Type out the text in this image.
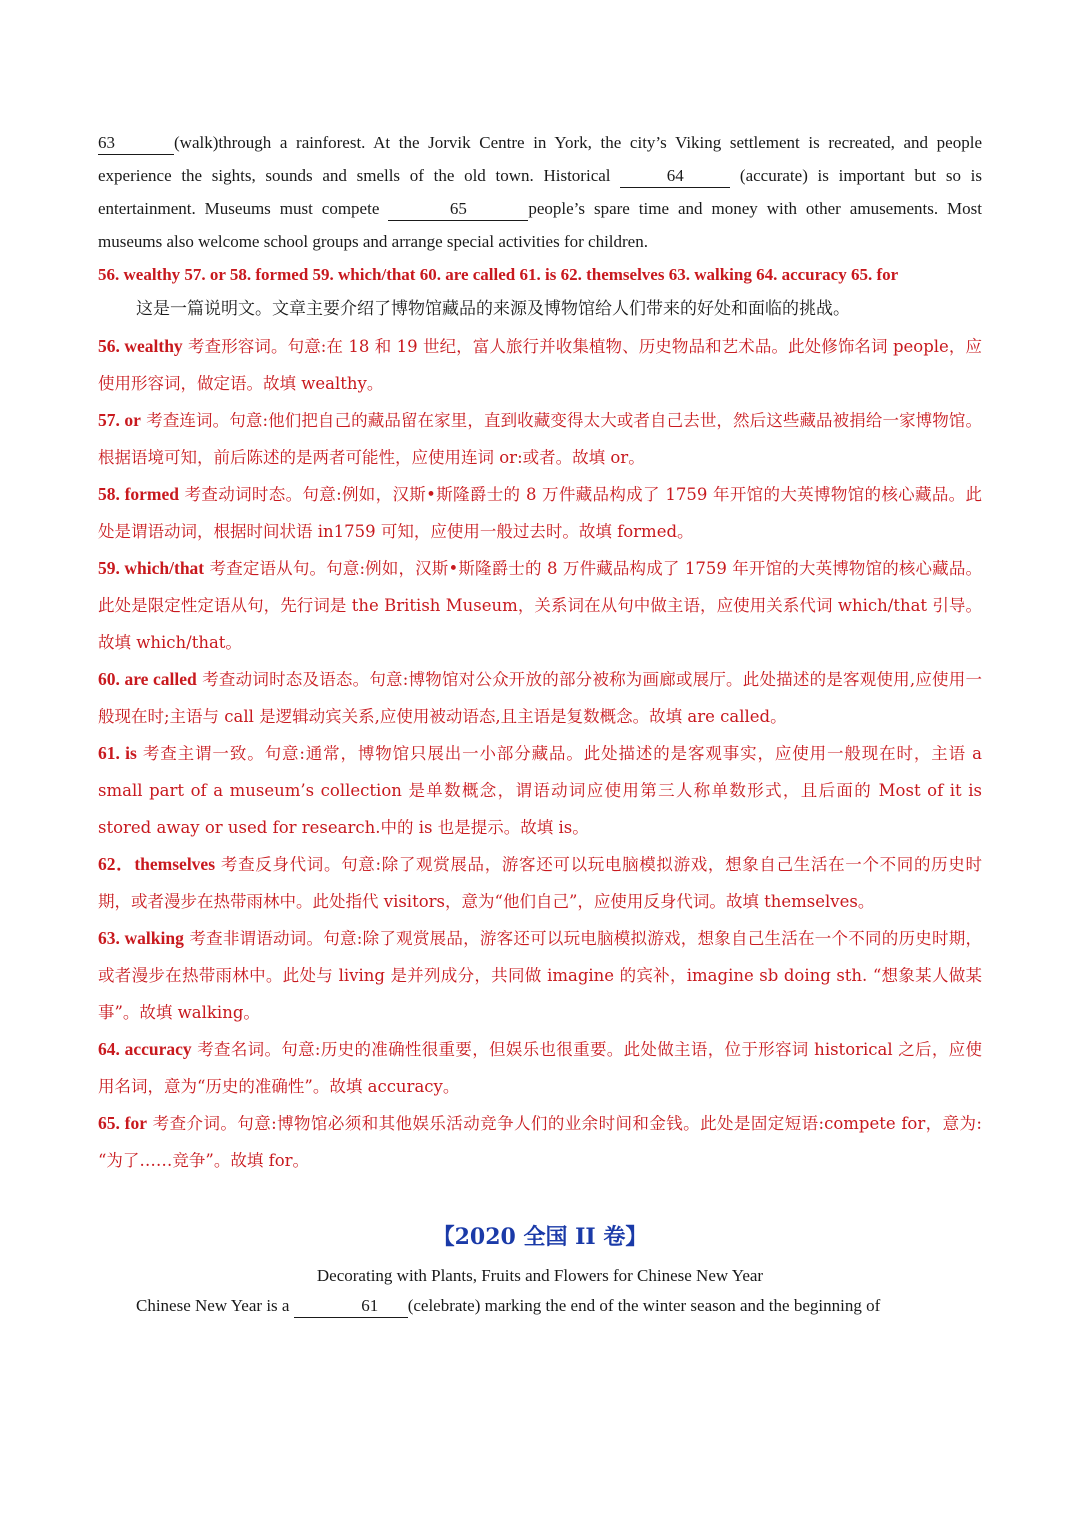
63	(walk)through a rainforest. At the Jorvik Centre in York, the city’s Viking settlement is recreated, and people experience the sights, sounds and smells of the old town. Historical	64	(accurate) is important but so is entertainment. Museums must compete	65	people’s spare time and money with other amusements. Most museums also welcome school groups and arrange special activities for children.

56. wealthy 57. or 58. formed 59. which/that 60. are called 61. is 62. themselves 63. walking 64. accuracy 65. for

这是一篇说明文。文章主要介绍了博物馆藏品的来源及博物馆给人们带来的好处和面临的挑战。

56. wealthy 考查形容词。句意:在 18 和 19 世纪，富人旅行并收集植物、历史物品和艺术品。此处修饰名词 people，应使用形容词，做定语。故填 wealthy。

57. or 考查连词。句意:他们把自己的藏品留在家里，直到收藏变得太大或者自己去世，然后这些藏品被捐给一家博物馆。根据语境可知，前后陈述的是两者可能性，应使用连词 or:或者。故填 or。

58. formed 考查动词时态。句意:例如，汉斯•斯隆爵士的 8 万件藏品构成了 1759 年开馆的大英博物馆的核心藏品。此处是谓语动词，根据时间状语 in1759 可知，应使用一般过去时。故填 formed。

59. which/that 考查定语从句。句意:例如，汉斯•斯隆爵士的 8 万件藏品构成了 1759 年开馆的大英博物馆的核心藏品。此处是限定性定语从句，先行词是 the British Museum，关系词在从句中做主语，应使用关系代词 which/that 引导。故填 which/that。

60. are called 考查动词时态及语态。句意:博物馆对公众开放的部分被称为画廊或展厅。此处描述的是客观使用,应使用一般现在时;主语与 call 是逻辑动宾关系,应使用被动语态,且主语是复数概念。故填 are called。

61. is 考查主谓一致。句意:通常，博物馆只展出一小部分藏品。此处描述的是客观事实，应使用一般现在时，主语 a small part of a museum’s collection 是单数概念，谓语动词应使用第三人称单数形式，且后面的 Most of it is stored away or used for research.中的 is 也是提示。故填 is。

62．themselves 考查反身代词。句意:除了观赏展品，游客还可以玩电脑模拟游戏，想象自己生活在一个不同的历史时期，或者漫步在热带雨林中。此处指代 visitors，意为“他们自己”，应使用反身代词。故填 themselves。

63. walking 考查非谓语动词。句意:除了观赏展品，游客还可以玩电脑模拟游戏，想象自己生活在一个不同的历史时期，或者漫步在热带雨林中。此处与 living 是并列成分，共同做 imagine 的宾补，imagine sb doing sth. “想象某人做某事”。故填 walking。

64. accuracy 考查名词。句意:历史的准确性很重要，但娱乐也很重要。此处做主语，位于形容词 historical 之后，应使用名词，意为“历史的准确性”。故填 accuracy。

65. for 考查介词。句意:博物馆必须和其他娱乐活动竞争人们的业余时间和金钱。此处是固定短语:compete for，意为: “为了……竞争”。故填 for。

【2020 全国 II 卷】

Decorating with Plants, Fruits and Flowers for Chinese New Year

Chinese New Year is a	61 (celebrate) marking the end of the winter season and the beginning of
